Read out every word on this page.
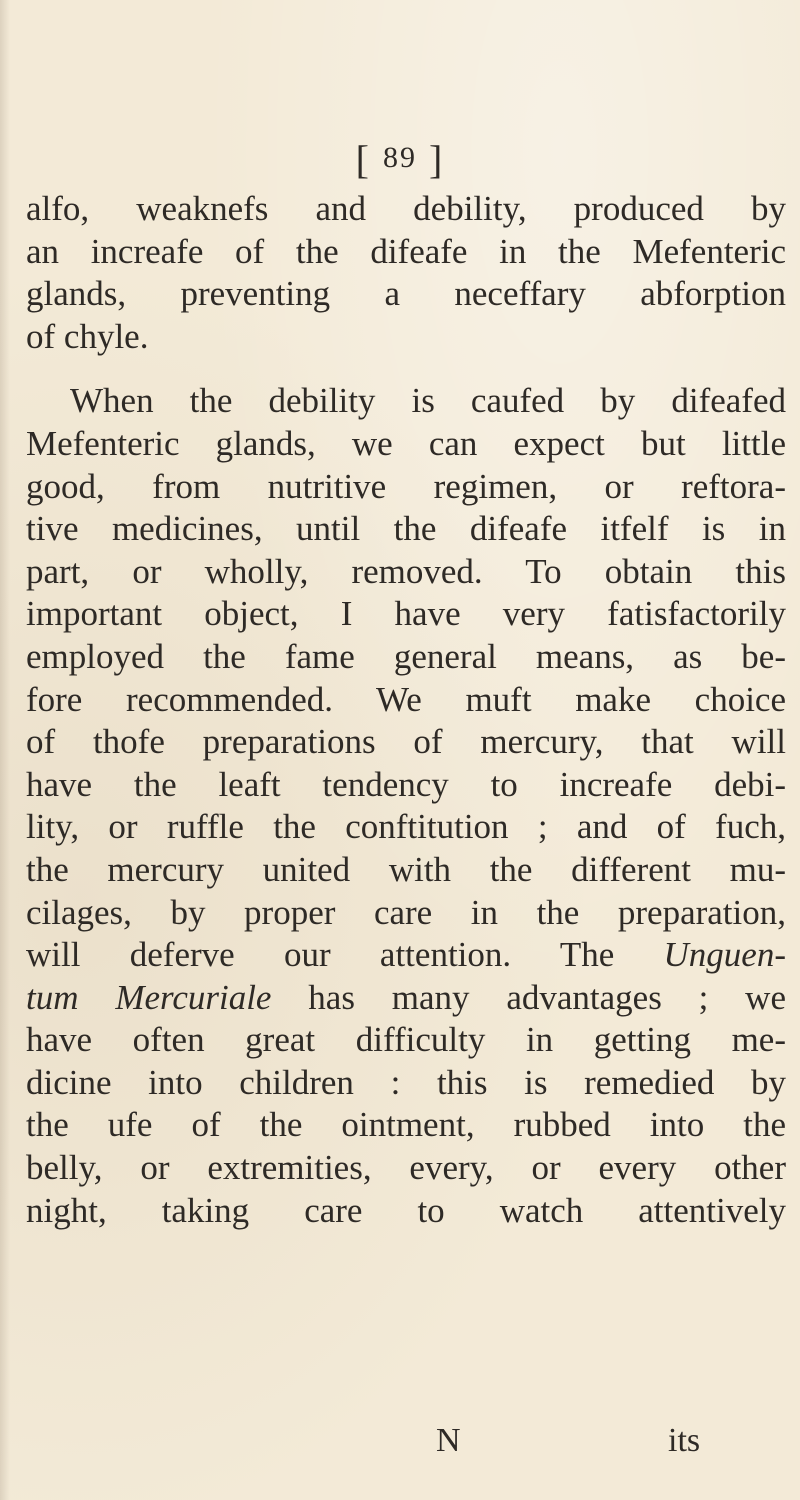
[ 89 ]
alfo, weaknefs and debility, produced by
an increafe of the difeafe in the Mefenteric
glands, preventing a neceffary abforption
of chyle.
When the debility is caufed by difeafed
Mefenteric glands, we can expect but little
good, from nutritive regimen, or reftora-
tive medicines, until the difeafe itfelf is in
part, or wholly, removed. To obtain this
important object, I have very fatisfactorily
employed the fame general means, as be-
fore recommended. We muft make choice
of thofe preparations of mercury, that will
have the leaft tendency to increafe debi-
lity, or ruffle the conftitution ; and of fuch,
the mercury united with the different mu-
cilages, by proper care in the preparation,
will deferve our attention. The Unguen-
tum Mercuriale has many advantages ; we
have often great difficulty in getting me-
dicine into children : this is remedied by
the ufe of the ointment, rubbed into the
belly, or extremities, every, or every other
night, taking care to watch attentively
N	its
